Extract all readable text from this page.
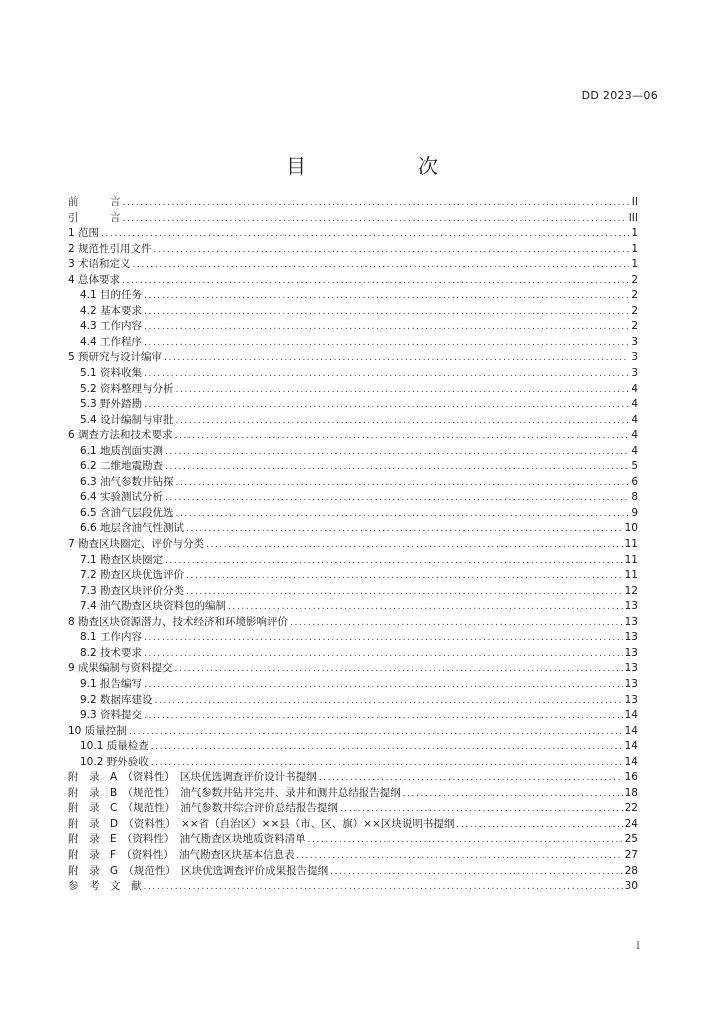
DD 2023—06
目　次
前　　　言 .....	II
引　　　言 .....	III
1 范围 .....	1
2 规范性引用文件 .....	1
3 术语和定义 .....	1
4 总体要求 .....	2
4.1 目的任务 .....	2
4.2 基本要求 .....	2
4.3 工作内容 .....	2
4.4 工作程序 .....	3
5 预研究与设计编审 .....	3
5.1 资料收集 .....	3
5.2 资料整理与分析 .....	4
5.3 野外踏勘 .....	4
5.4 设计编制与审批 .....	4
6 调查方法和技术要求 .....	4
6.1 地质剖面实测 .....	4
6.2 二维地震勘查 .....	5
6.3 油气参数井钻探 .....	6
6.4 实验测试分析 .....	8
6.5 含油气层段优选 .....	9
6.6 地层含油气性测试 .....	10
7 勘查区块圈定、评价与分类 .....	11
7.1 勘查区块圈定 .....	11
7.2 勘查区块优选评价 .....	11
7.3 勘查区块评价分类 .....	12
7.4 油气勘查区块资料包的编制 .....	13
8 勘查区块资源潜力、技术经济和环境影响评价 .....	13
8.1 工作内容 .....	13
8.2 技术要求 .....	13
9 成果编制与资料提交 .....	13
9.1 报告编写 .....	13
9.2 数据库建设 .....	13
9.3 资料提交 .....	14
10 质量控制 .....	14
10.1 质量检查 .....	14
10.2 野外验收 .....	14
附　录　A　（资料性）　区块优选调查评价设计书提纲 .....	16
附　录　B　（规范性）　油气参数井钻井完井、录井和测井总结报告提纲 .....	18
附　录　C　（规范性）　油气参数井综合评价总结报告提纲 .....	22
附　录　D　（资料性）　××省（自治区）××县（市、区、旗）××区块说明书提纲 .....	24
附　录　E　（资料性）　油气勘查区块地质资料清单 .....	25
附　录　F　（资料性）　油气勘查区块基本信息表 .....	27
附　录　G　（规范性）　区块优选调查评价成果报告提纲 .....	28
参　考　文　献 .....	30
I
